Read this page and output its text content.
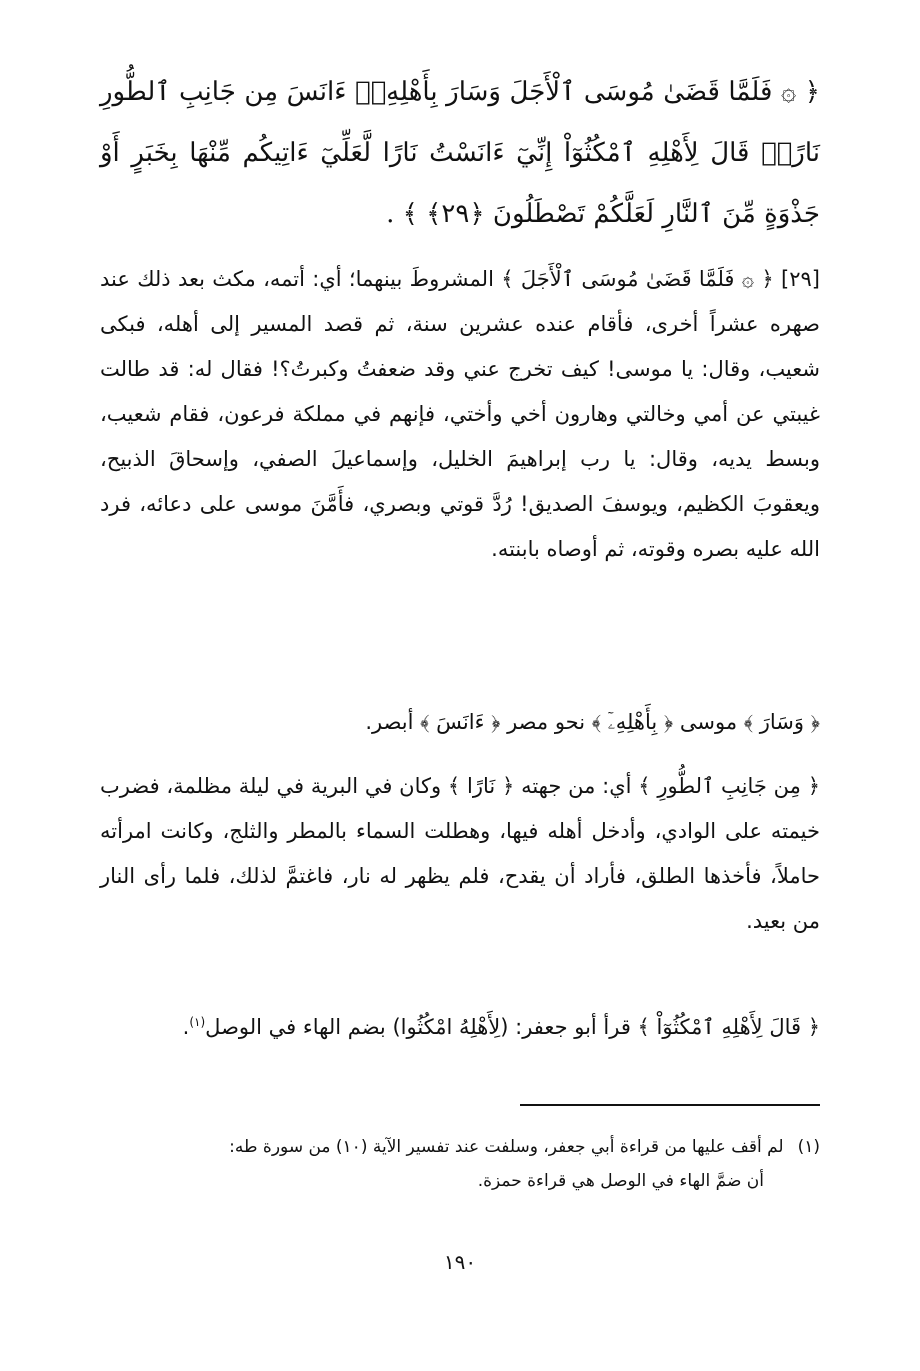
﴿ ۞ فَلَمَّا قَضَىٰ مُوسَى ٱلْأَجَلَ وَسَارَ بِأَهْلِهِۦٓ ءَانَسَ مِن جَانِبِ ٱلطُّورِ نَارًاۖ قَالَ لِأَهْلِهِ ٱمْكُثُوٓاْ إِنِّيٓ ءَانَسْتُ نَارًا لَّعَلِّيٓ ءَاتِيكُم مِّنْهَا بِخَبَرٍ أَوْ جَذْوَةٍ مِّنَ ٱلنَّارِ لَعَلَّكُمْ تَصْطَلُونَ ﴿٢٩﴾ ﴾ .
[٢٩] ﴿ ۞ فَلَمَّا قَضَىٰ مُوسَى ٱلْأَجَلَ ﴾ المشروطَ بينهما؛ أي: أتمه، مكث بعد ذلك عند صهره عشراً أخرى، فأقام عنده عشرين سنة، ثم قصد المسير إلى أهله، فبكى شعيب، وقال: يا موسى! كيف تخرج عني وقد ضعفتُ وكبرتُ؟! فقال له: قد طالت غيبتي عن أمي وخالتي وهارون أخي وأختي، فإنهم في مملكة فرعون، فقام شعيب، وبسط يديه، وقال: يا رب إبراهيمَ الخليل، وإسماعيلَ الصفي، وإسحاقَ الذبيح، ويعقوبَ الكظيم، ويوسفَ الصديق! رُدَّ قوتي وبصري، فأَمَّنَ موسى على دعائه، فرد الله عليه بصره وقوته، ثم أوصاه بابنته.
﴿ وَسَارَ ﴾ موسى ﴿ بِأَهْلِهِۦٓ ﴾ نحو مصر ﴿ ءَانَسَ ﴾ أبصر.
﴿ مِن جَانِبِ ٱلطُّورِ ﴾ أي: من جهته ﴿ نَارًا ﴾ وكان في البرية في ليلة مظلمة، فضرب خيمته على الوادي، وأدخل أهله فيها، وهطلت السماء بالمطر والثلج، وكانت امرأته حاملاً، فأخذها الطلق، فأراد أن يقدح، فلم يظهر له نار، فاغتمَّ لذلك، فلما رأى النار من بعيد.
﴿ قَالَ لِأَهْلِهِ ٱمْكُثُوٓاْ ﴾ قرأ أبو جعفر: (لِأَهْلِهُ امْكُثُوا) بضم الهاء في الوصل$^{(١)}$.
(١)لم أقف عليها من قراءة أبي جعفر، وسلفت عند تفسير الآية (١٠) من سورة طه:
أن ضمَّ الهاء في الوصل هي قراءة حمزة.
١٩٠
